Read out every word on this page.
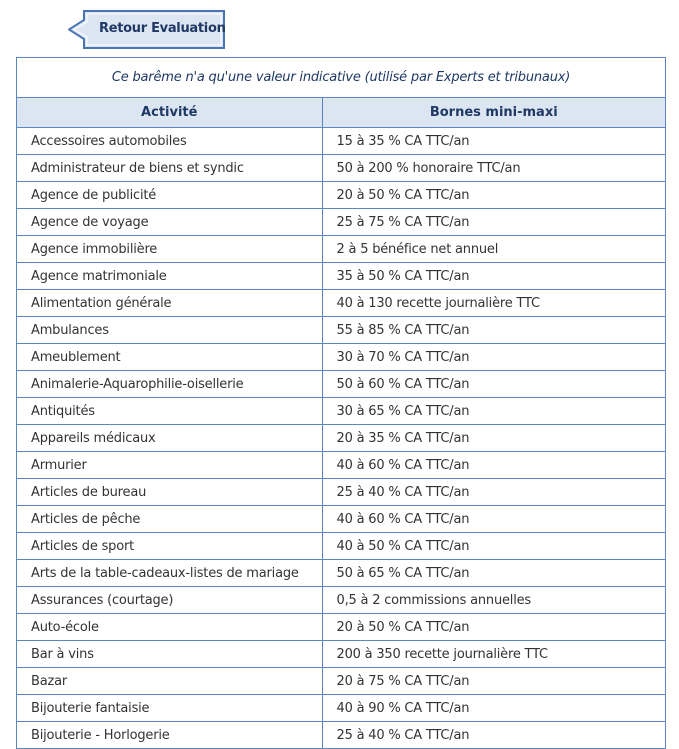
Retour Evaluation
Ce barême n'a qu'une valeur indicative (utilisé par Experts et tribunaux)
Activité	Bornes mini-maxi
Accessoires automobiles	15 à 35 % CA TTC/an
Administrateur de biens et syndic	50 à 200 % honoraire TTC/an
Agence de publicité	20 à 50 % CA TTC/an
Agence de voyage	25 à 75 % CA TTC/an
Agence immobilière	2 à 5 bénéfice net annuel
Agence matrimoniale	35 à 50 % CA TTC/an
Alimentation générale	40 à 130 recette journalière TTC
Ambulances	55 à 85 % CA TTC/an
Ameublement	30 à 70 % CA TTC/an
Animalerie-Aquarophilie-oisellerie	50 à 60 % CA TTC/an
Antiquités	30 à 65 % CA TTC/an
Appareils médicaux	20 à 35 % CA TTC/an
Armurier	40 à 60 % CA TTC/an
Articles de bureau	25 à 40 % CA TTC/an
Articles de pêche	40 à 60 % CA TTC/an
Articles de sport	40 à 50 % CA TTC/an
Arts de la table-cadeaux-listes de mariage	50 à 65 % CA TTC/an
Assurances (courtage)	0,5 à 2 commissions annuelles
Auto-école	20 à 50 % CA TTC/an
Bar à vins	200 à 350 recette journalière TTC
Bazar	20 à 75 % CA TTC/an
Bijouterie fantaisie	40 à 90 % CA TTC/an
Bijouterie - Horlogerie	25 à 40 % CA TTC/an
